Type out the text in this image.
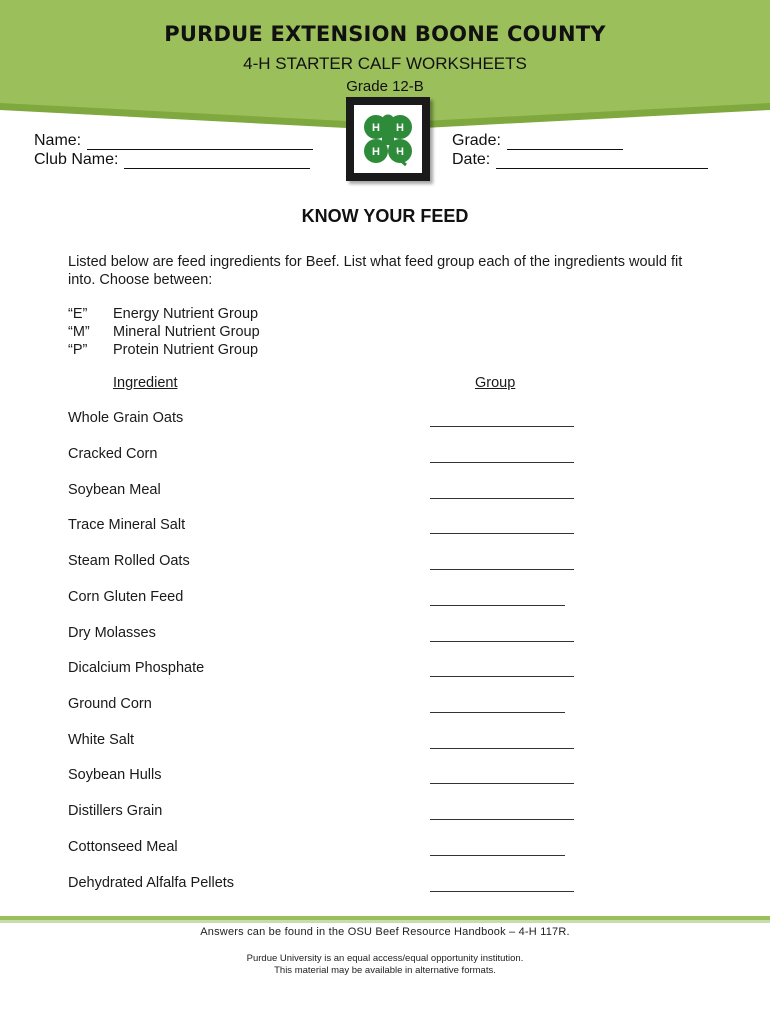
PURDUE EXTENSION BOONE COUNTY
4-H STARTER CALF WORKSHEETS
Grade 12-B
H H
H H
Name:
Club Name:
Grade:
Date:
KNOW YOUR FEED
Listed below are feed ingredients for Beef. List what feed group each of the ingredients would fit into. Choose between:
“E” Energy Nutrient Group
“M” Mineral Nutrient Group
“P” Protein Nutrient Group
Ingredient	Group
Whole Grain Oats
Cracked Corn
Soybean Meal
Trace Mineral Salt
Steam Rolled Oats
Corn Gluten Feed
Dry Molasses
Dicalcium Phosphate
Ground Corn
White Salt
Soybean Hulls
Distillers Grain
Cottonseed Meal
Dehydrated Alfalfa Pellets
Answers can be found in the OSU Beef Resource Handbook – 4-H 117R.
Purdue University is an equal access/equal opportunity institution.
This material may be available in alternative formats.
